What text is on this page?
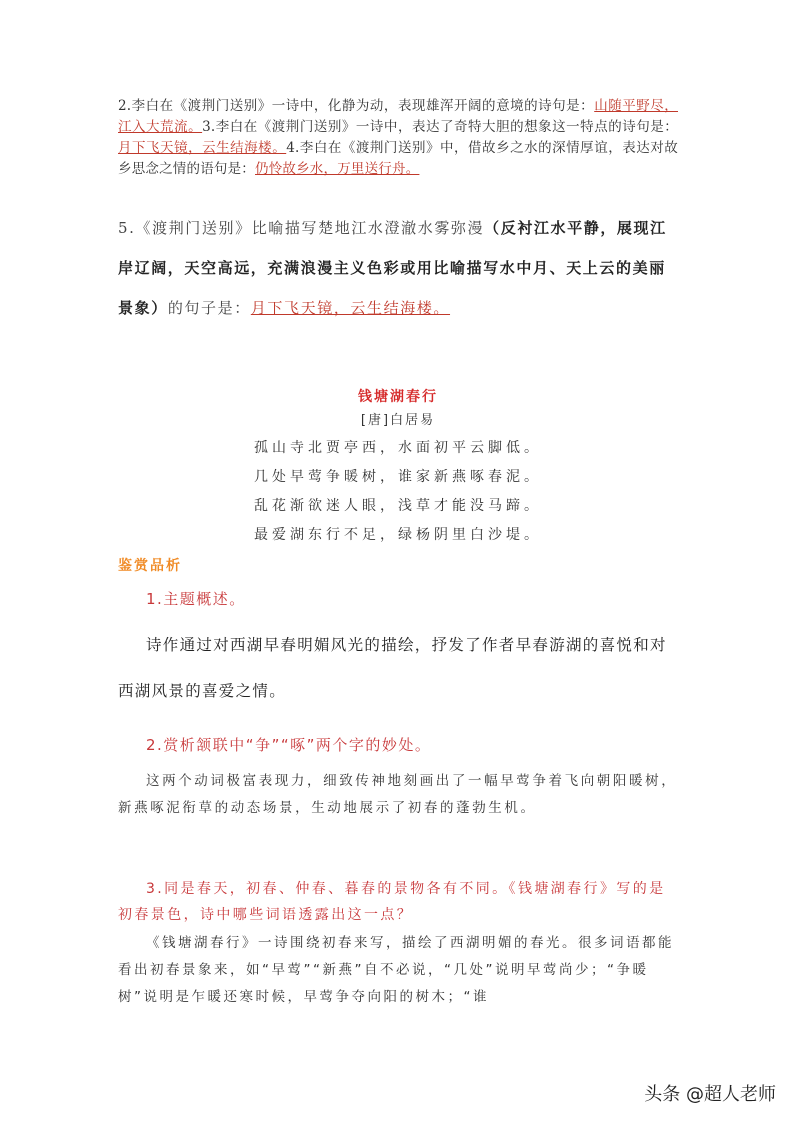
2.李白在《渡荆门送别》一诗中，化静为动，表现雄浑开阔的意境的诗句是：山随平野尽，江入大荒流。3.李白在《渡荆门送别》一诗中，表达了奇特大胆的想象这一特点的诗句是：月下飞天镜，云生结海楼。4.李白在《渡荆门送别》中，借故乡之水的深情厚谊，表达对故乡思念之情的语句是：仍怜故乡水，万里送行舟。
5.《渡荆门送别》比喻描写楚地江水澄澈水雾弥漫（反衬江水平静，展现江岸辽阔，天空高远，充满浪漫主义色彩或用比喻描写水中月、天上云的美丽景象）的句子是：月下飞天镜，云生结海楼。
钱塘湖春行
[唐]白居易
孤山寺北贾亭西，水面初平云脚低。
几处早莺争暖树，谁家新燕啄春泥。
乱花渐欲迷人眼，浅草才能没马蹄。
最爱湖东行不足，绿杨阴里白沙堤。
鉴赏品析
1.主题概述。
诗作通过对西湖早春明媚风光的描绘，抒发了作者早春游湖的喜悦和对西湖风景的喜爱之情。
2.赏析颔联中“争”“啄”两个字的妙处。
这两个动词极富表现力，细致传神地刻画出了一幅早莺争着飞向朝阳暖树，新燕啄泥衔草的动态场景，生动地展示了初春的蓬勃生机。
3.同是春天，初春、仲春、暮春的景物各有不同。《钱塘湖春行》写的是初春景色，诗中哪些词语透露出这一点？
《钱塘湖春行》一诗围绕初春来写，描绘了西湖明媚的春光。很多词语都能看出初春景象来，如“早莺”“新燕”自不必说，“几处”说明早莺尚少；“争暖树”说明是乍暖还寒时候，早莺争夺向阳的树木；“谁
头条 @超人老师
